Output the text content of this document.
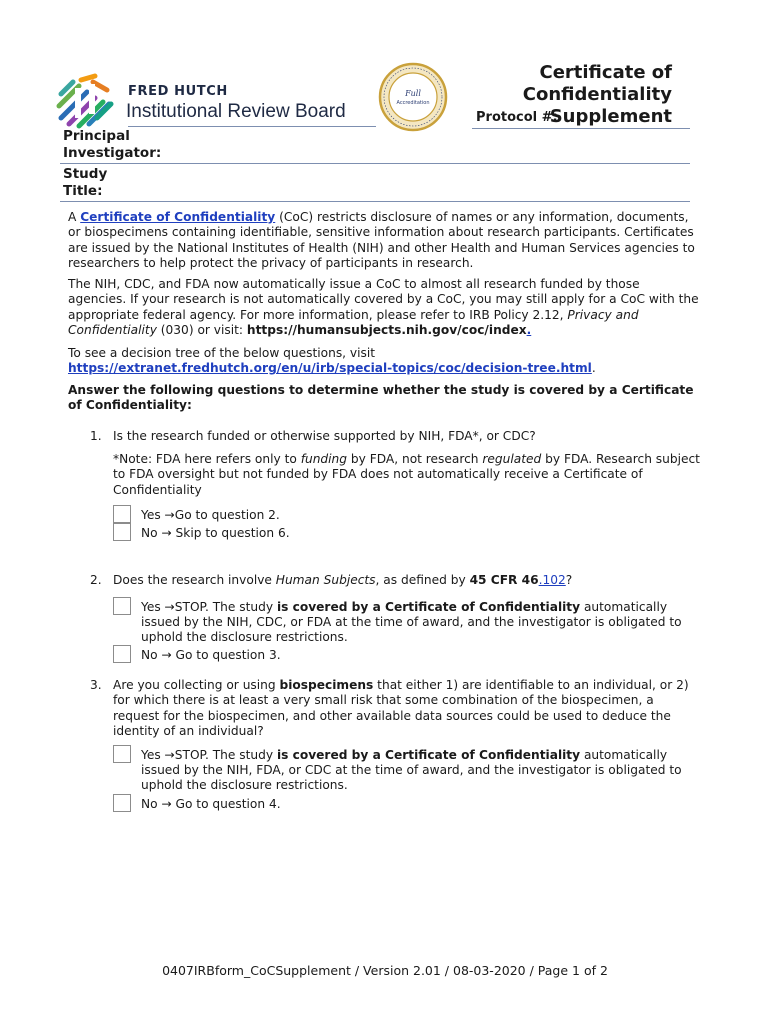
FRED HUTCH
Institutional Review Board
Full
Accreditation
Certificate of
Confidentiality
Supplement
Protocol #:
Principal
Investigator:
Study
Title:

A Certificate of Confidentiality (CoC) restricts disclosure of names or any information, documents, or biospecimens containing identifiable, sensitive information about research participants. Certificates are issued by the National Institutes of Health (NIH) and other Health and Human Services agencies to researchers to help protect the privacy of participants in research.

The NIH, CDC, and FDA now automatically issue a CoC to almost all research funded by those agencies. If your research is not automatically covered by a CoC, you may still apply for a CoC with the appropriate federal agency. For more information, please refer to IRB Policy 2.12, Privacy and Confidentiality (030) or visit: https://humansubjects.nih.gov/coc/index.

To see a decision tree of the below questions, visit
https://extranet.fredhutch.org/en/u/irb/special-topics/coc/decision-tree.html.

Answer the following questions to determine whether the study is covered by a Certificate of Confidentiality:

1. Is the research funded or otherwise supported by NIH, FDA*, or CDC?

*Note: FDA here refers only to funding by FDA, not research regulated by FDA. Research subject to FDA oversight but not funded by FDA does not automatically receive a Certificate of Confidentiality

Yes →Go to question 2.

No → Skip to question 6.

2. Does the research involve Human Subjects, as defined by 45 CFR 46.102?

Yes →STOP. The study is covered by a Certificate of Confidentiality automatically issued by the NIH, CDC, or FDA at the time of award, and the investigator is obligated to uphold the disclosure restrictions.

No → Go to question 3.

3. Are you collecting or using biospecimens that either 1) are identifiable to an individual, or 2) for which there is at least a very small risk that some combination of the biospecimen, a request for the biospecimen, and other available data sources could be used to deduce the identity of an individual?

Yes →STOP. The study is covered by a Certificate of Confidentiality automatically issued by the NIH, FDA, or CDC at the time of award, and the investigator is obligated to uphold the disclosure restrictions.

No → Go to question 4.

0407IRBform_CoCSupplement / Version 2.01 / 08-03-2020 / Page 1 of 2
